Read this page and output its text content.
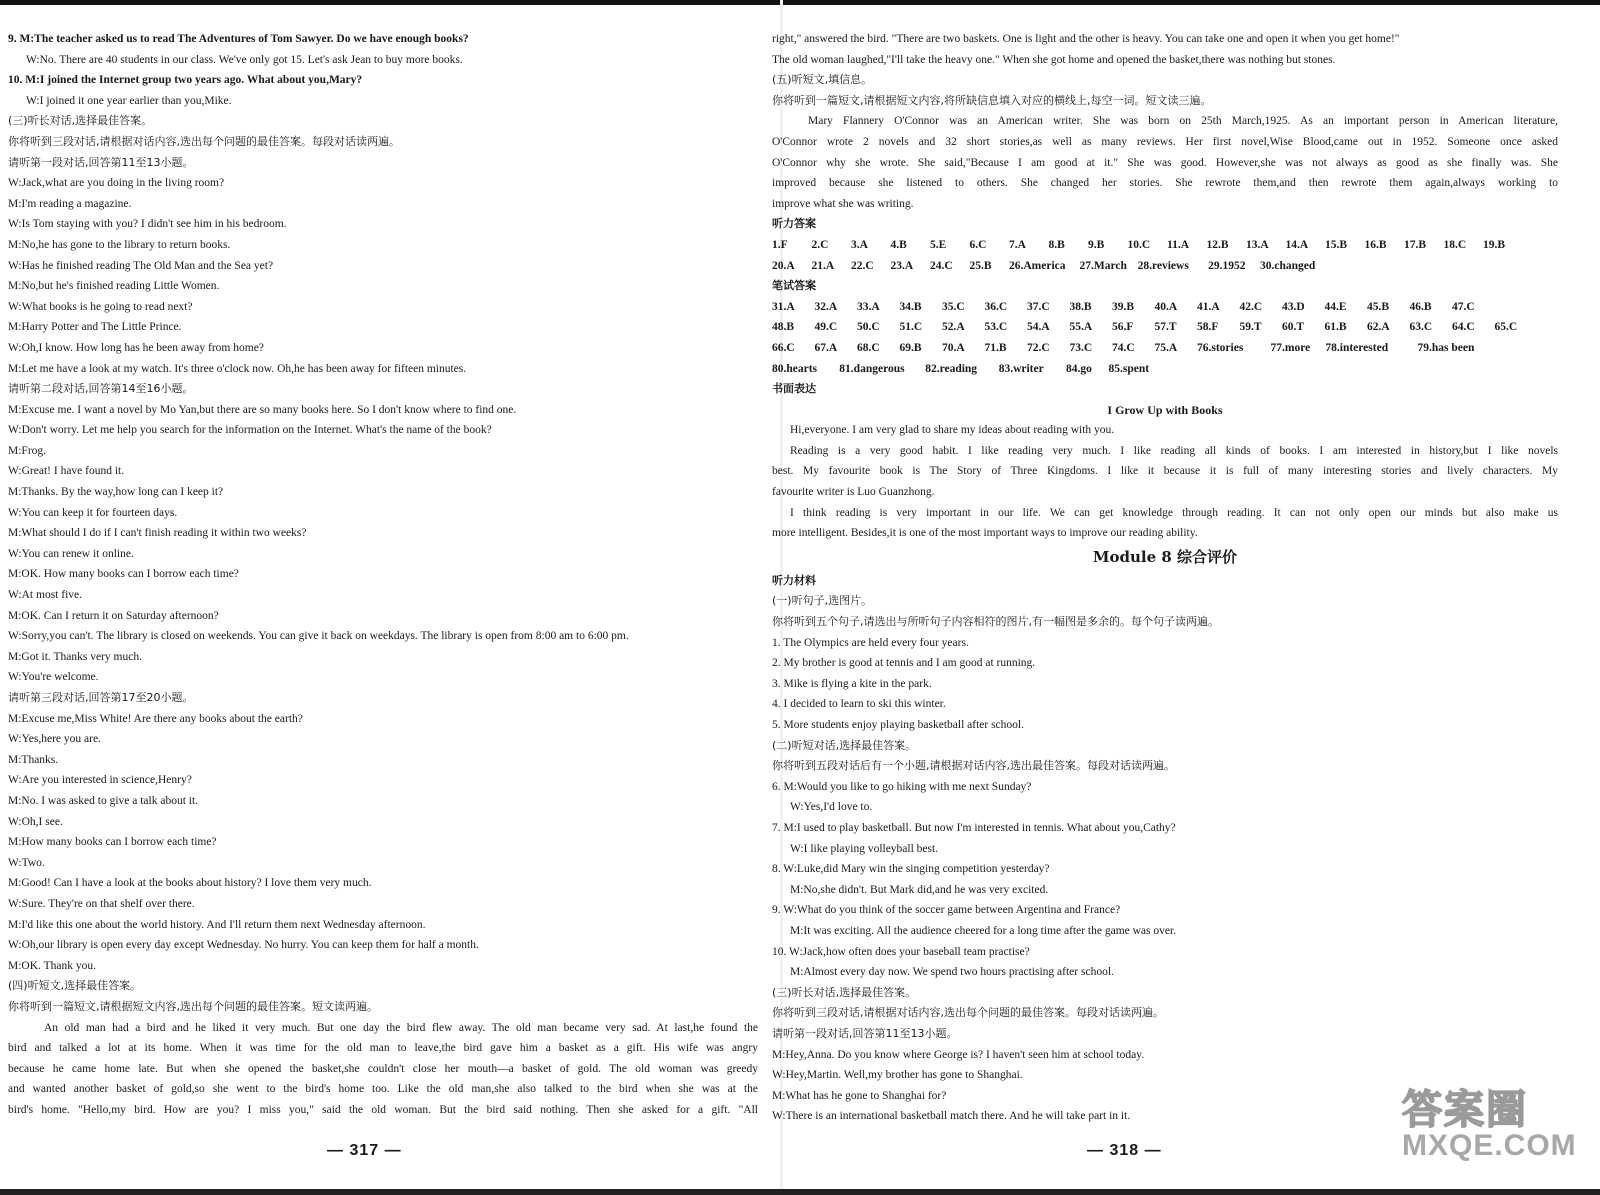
9. M:The teacher asked us to read The Adventures of Tom Sawyer. Do we have enough books?
W:No. There are 40 students in our class. We've only got 15. Let's ask Jean to buy more books.
10. M:I joined the Internet group two years ago. What about you,Mary?
W:I joined it one year earlier than you,Mike.
(三)听长对话,选择最佳答案。
你将听到三段对话,请根据对话内容,选出每个问题的最佳答案。每段对话读两遍。
请听第一段对话,回答第11至13小题。
W:Jack,what are you doing in the living room?
M:I'm reading a magazine.
W:Is Tom staying with you? I didn't see him in his bedroom.
M:No,he has gone to the library to return books.
W:Has he finished reading The Old Man and the Sea yet?
M:No,but he's finished reading Little Women.
W:What books is he going to read next?
M:Harry Potter and The Little Prince.
W:Oh,I know. How long has he been away from home?
M:Let me have a look at my watch. It's three o'clock now. Oh,he has been away for fifteen minutes.
请听第二段对话,回答第14至16小题。
M:Excuse me. I want a novel by Mo Yan,but there are so many books here. So I don't know where to find one.
W:Don't worry. Let me help you search for the information on the Internet. What's the name of the book?
M:Frog.
W:Great! I have found it.
M:Thanks. By the way,how long can I keep it?
W:You can keep it for fourteen days.
M:What should I do if I can't finish reading it within two weeks?
W:You can renew it online.
M:OK. How many books can I borrow each time?
W:At most five.
M:OK. Can I return it on Saturday afternoon?
W:Sorry,you can't. The library is closed on weekends. You can give it back on weekdays. The library is open from 8:00 am to 6:00 pm.
M:Got it. Thanks very much.
W:You're welcome.
请听第三段对话,回答第17至20小题。
M:Excuse me,Miss White! Are there any books about the earth?
W:Yes,here you are.
M:Thanks.
W:Are you interested in science,Henry?
M:No. I was asked to give a talk about it.
W:Oh,I see.
M:How many books can I borrow each time?
W:Two.
M:Good! Can I have a look at the books about history? I love them very much.
W:Sure. They're on that shelf over there.
M:I'd like this one about the world history. And I'll return them next Wednesday afternoon.
W:Oh,our library is open every day except Wednesday. No hurry. You can keep them for half a month.
M:OK. Thank you.
(四)听短文,选择最佳答案。
你将听到一篇短文,请根据短文内容,选出每个问题的最佳答案。短文读两遍。
An old man had a bird and he liked it very much. But one day the bird flew away. The old man became very sad. At last,he found the
bird and talked a lot at its home. When it was time for the old man to leave,the bird gave him a basket as a gift. His wife was angry
because he came home late. But when she opened the basket,she couldn't close her mouth—a basket of gold. The old woman was greedy
and wanted another basket of gold,so she went to the bird's home too. Like the old man,she also talked to the bird when she was at the
bird's home. "Hello,my bird. How are you? I miss you," said the old woman. But the bird said nothing. Then she asked for a gift. "All
right," answered the bird. "There are two baskets. One is light and the other is heavy. You can take one and open it when you get home!"
The old woman laughed,"I'll take the heavy one." When she got home and opened the basket,there was nothing but stones.
(五)听短文,填信息。
你将听到一篇短文,请根据短文内容,将所缺信息填入对应的横线上,每空一词。短文读三遍。
Mary Flannery O'Connor was an American writer. She was born on 25th March,1925. As an important person in American literature,
O'Connor wrote 2 novels and 32 short stories,as well as many reviews. Her first novel,Wise Blood,came out in 1952. Someone once asked
O'Connor why she wrote. She said,"Because I am good at it." She was good. However,she was not always as good as she finally was. She
improved because she listened to others. She changed her stories. She rewrote them,and then rewrote them again,always working to
improve what she was writing.
听力答案
1.F 2.C 3.A 4.B 5.E 6.C 7.A 8.B 9.B 10.C 11.A 12.B 13.A 14.A 15.B 16.B 17.B 18.C 19.B
20.A 21.A 22.C 23.A 24.C 25.B 26.America 27.March 28.reviews 29.1952 30.changed
笔试答案
31.A 32.A 33.A 34.B 35.C 36.C 37.C 38.B 39.B 40.A 41.A 42.C 43.D 44.E 45.B 46.B 47.C
48.B 49.C 50.C 51.C 52.A 53.C 54.A 55.A 56.F 57.T 58.F 59.T 60.T 61.B 62.A 63.C 64.C 65.C
66.C 67.A 68.C 69.B 70.A 71.B 72.C 73.C 74.C 75.A 76.stories 77.more 78.interested	79.has been
80.hearts 81.dangerous 82.reading 83.writer 84.go 85.spent
书面表达
I Grow Up with Books
Hi,everyone. I am very glad to share my ideas about reading with you.
Reading is a very good habit. I like reading very much. I like reading all kinds of books. I am interested in history,but I like novels
best. My favourite book is The Story of Three Kingdoms. I like it because it is full of many interesting stories and lively characters. My
favourite writer is Luo Guanzhong.
I think reading is very important in our life. We can get knowledge through reading. It can not only open our minds but also make us
more intelligent. Besides,it is one of the most important ways to improve our reading ability.
Module 8 综合评价
听力材料
(一)听句子,选图片。
你将听到五个句子,请选出与所听句子内容相符的图片,有一幅图是多余的。每个句子读两遍。
1. The Olympics are held every four years.
2. My brother is good at tennis and I am good at running.
3. Mike is flying a kite in the park.
4. I decided to learn to ski this winter.
5. More students enjoy playing basketball after school.
(二)听短对话,选择最佳答案。
你将听到五段对话后有一个小题,请根据对话内容,选出最佳答案。每段对话读两遍。
6. M:Would you like to go hiking with me next Sunday?
W:Yes,I'd love to.
7. M:I used to play basketball. But now I'm interested in tennis. What about you,Cathy?
W:I like playing volleyball best.
8. W:Luke,did Mary win the singing competition yesterday?
M:No,she didn't. But Mark did,and he was very excited.
9. W:What do you think of the soccer game between Argentina and France?
M:It was exciting. All the audience cheered for a long time after the game was over.
10. W:Jack,how often does your baseball team practise?
M:Almost every day now. We spend two hours practising after school.
(三)听长对话,选择最佳答案。
你将听到三段对话,请根据对话内容,选出每个问题的最佳答案。每段对话读两遍。
请听第一段对话,回答第11至13小题。
M:Hey,Anna. Do you know where George is? I haven't seen him at school today.
W:Hey,Martin. Well,my brother has gone to Shanghai.
M:What has he gone to Shanghai for?
W:There is an international basketball match there. And he will take part in it.
— 317 —	— 318 —
答案圈
MXQE.COM
